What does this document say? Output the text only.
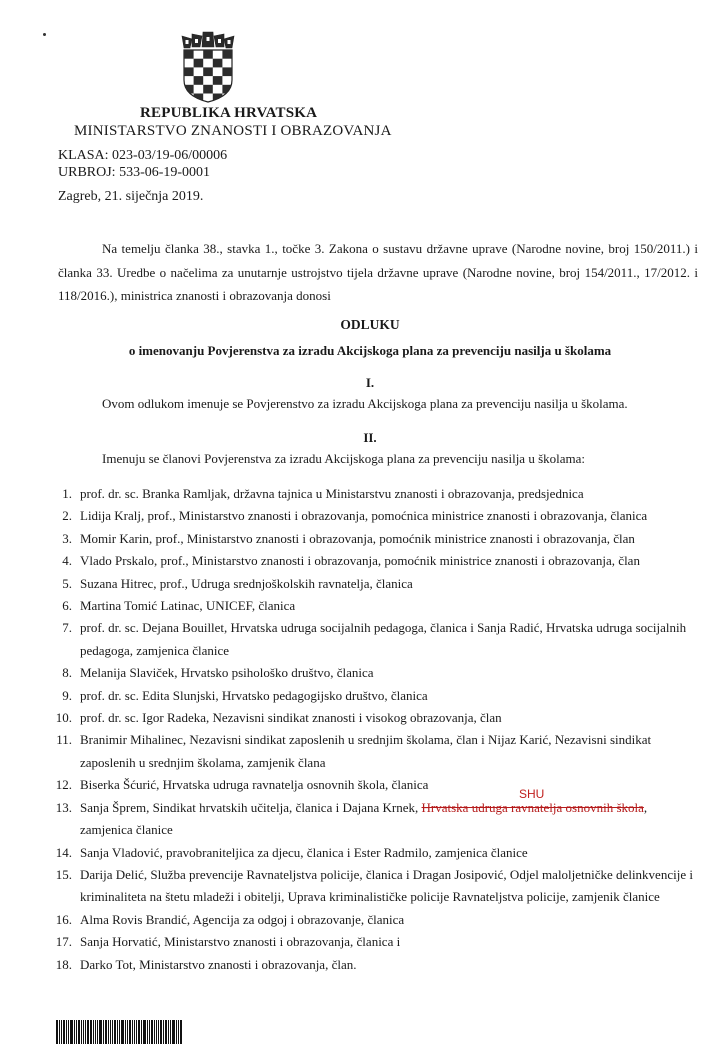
REPUBLIKA HRVATSKA
MINISTARSTVO ZNANOSTI I OBRAZOVANJA
KLASA: 023-03/19-06/00006
URBROJ: 533-06-19-0001
Zagreb, 21. siječnja 2019.
Na temelju članka 38., stavka 1., točke 3. Zakona o sustavu državne uprave (Narodne novine, broj 150/2011.) i članka 33. Uredbe o načelima za unutarnje ustrojstvo tijela državne uprave (Narodne novine, broj 154/2011., 17/2012. i 118/2016.), ministrica znanosti i obrazovanja donosi
ODLUKU
o imenovanju Povjerenstva za izradu Akcijskoga plana za prevenciju nasilja u školama
I.
Ovom odlukom imenuje se Povjerenstvo za izradu Akcijskoga plana za prevenciju nasilja u školama.
II.
Imenuju se članovi Povjerenstva za izradu Akcijskoga plana za prevenciju nasilja u školama:
1. prof. dr. sc. Branka Ramljak, državna tajnica u Ministarstvu znanosti i obrazovanja, predsjednica
2. Lidija Kralj, prof., Ministarstvo znanosti i obrazovanja, pomoćnica ministrice znanosti i obrazovanja, članica
3. Momir Karin, prof., Ministarstvo znanosti i obrazovanja, pomoćnik ministrice znanosti i obrazovanja, član
4. Vlado Prskalo, prof., Ministarstvo znanosti i obrazovanja, pomoćnik ministrice znanosti i obrazovanja, član
5. Suzana Hitrec, prof., Udruga srednjoškolskih ravnatelja, članica
6. Martina Tomić Latinac, UNICEF, članica
7. prof. dr. sc. Dejana Bouillet, Hrvatska udruga socijalnih pedagoga, članica i Sanja Radić, Hrvatska udruga socijalnih pedagoga, zamjenica članice
8. Melanija Slaviček, Hrvatsko psihološko društvo, članica
9. prof. dr. sc. Edita Slunjski, Hrvatsko pedagogijsko društvo, članica
10. prof. dr. sc. Igor Radeka, Nezavisni sindikat znanosti i visokog obrazovanja, član
11. Branimir Mihalinec, Nezavisni sindikat zaposlenih u srednjim školama, član i Nijaz Karić, Nezavisni sindikat zaposlenih u srednjim školama, zamjenik člana
12. Biserka Šćurić, Hrvatska udruga ravnatelja osnovnih škola, članica
13. Sanja Šprem, Sindikat hrvatskih učitelja, članica i Dajana Krnek, Hrvatska udruga ravnatelja osnovnih škola, zamjenica članice
14. Sanja Vladović, pravobraniteljica za djecu, članica i Ester Radmilo, zamjenica članice
15. Darija Delić, Služba prevencije Ravnateljstva policije, članica i Dragan Josipović, Odjel maloljetničke delinkvencije i kriminaliteta na štetu mladeži i obitelji, Uprava kriminalističke policije Ravnateljstva policije, zamjenik članice
16. Alma Rovis Brandić, Agencija za odgoj i obrazovanje, članica
17. Sanja Horvatić, Ministarstvo znanosti i obrazovanja, članica i
18. Darko Tot, Ministarstvo znanosti i obrazovanja, član.
SHU
